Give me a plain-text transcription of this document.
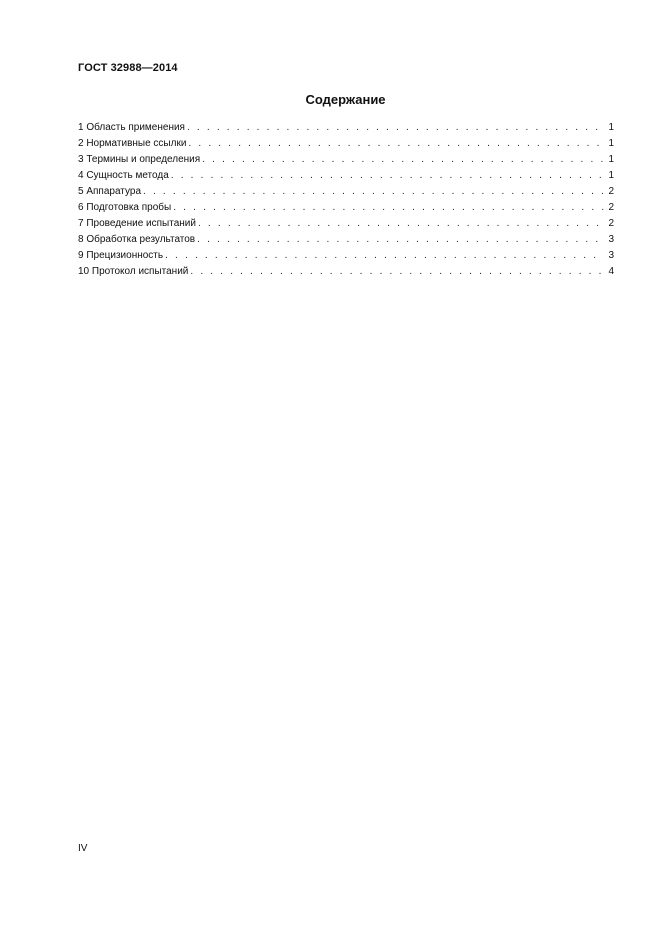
ГОСТ 32988—2014
Содержание
1 Область применения . . .	1
2 Нормативные ссылки . . .	1
3 Термины и определения . . .	1
4 Сущность метода . . .	1
5 Аппаратура . . .	2
6 Подготовка пробы . . .	2
7 Проведение испытаний . . .	2
8 Обработка результатов . . .	3
9 Прецизионность . . .	3
10 Протокол испытаний . . .	4
IV
